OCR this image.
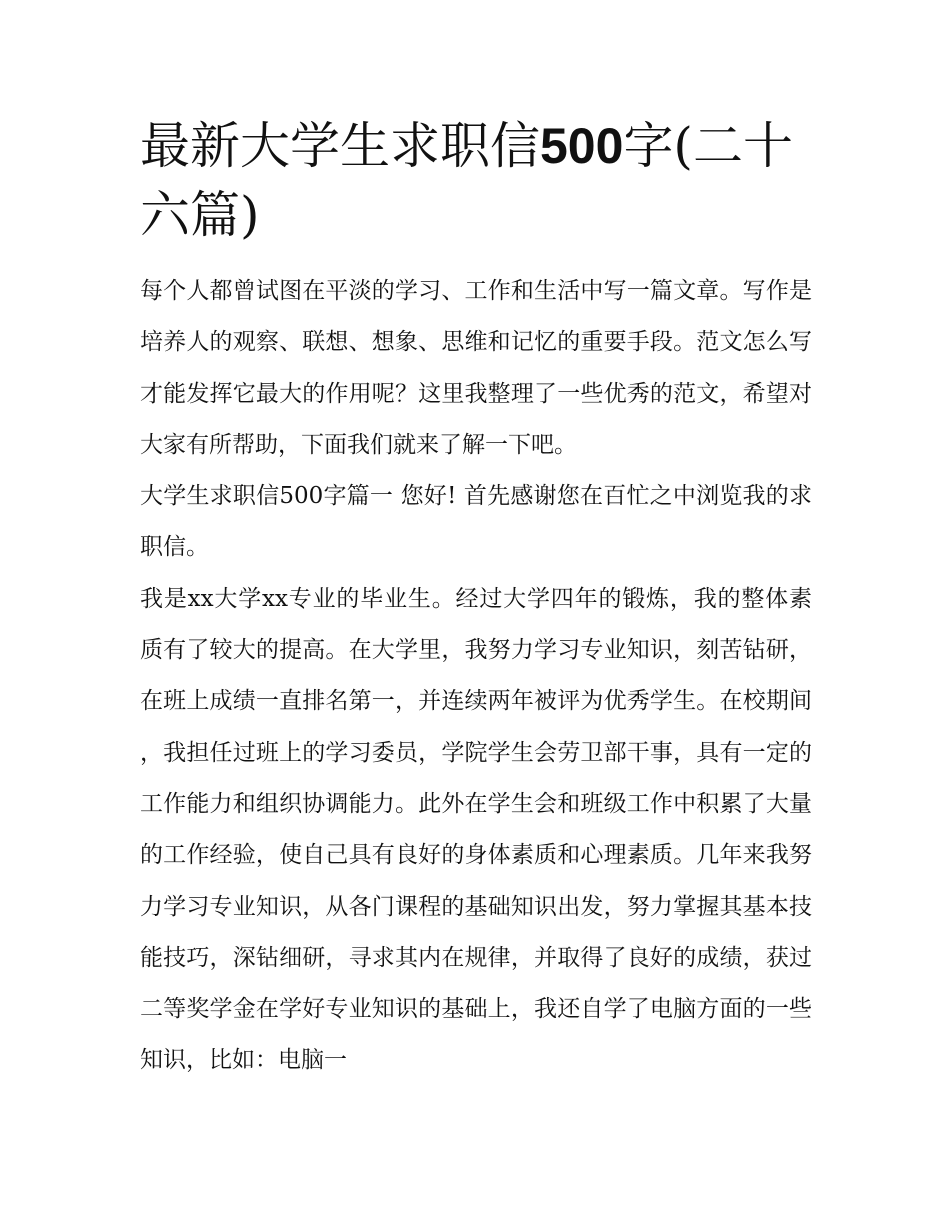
最新大学生求职信500字(二十六篇)

每个人都曾试图在平淡的学习、工作和生活中写一篇文章。写作是培养人的观察、联想、想象、思维和记忆的重要手段。范文怎么写才能发挥它最大的作用呢？这里我整理了一些优秀的范文，希望对大家有所帮助，下面我们就来了解一下吧。

大学生求职信500字篇一 您好! 首先感谢您在百忙之中浏览我的求职信。

我是xx大学xx专业的毕业生。经过大学四年的锻炼，我的整体素质有了较大的提高。在大学里，我努力学习专业知识，刻苦钻研，在班上成绩一直排名第一，并连续两年被评为优秀学生。在校期间，我担任过班上的学习委员，学院学生会劳卫部干事，具有一定的工作能力和组织协调能力。此外在学生会和班级工作中积累了大量的工作经验，使自己具有良好的身体素质和心理素质。几年来我努力学习专业知识，从各门课程的基础知识出发，努力掌握其基本技能技巧，深钻细研，寻求其内在规律，并取得了良好的成绩，获过二等奖学金在学好专业知识的基础上，我还自学了电脑方面的一些知识，比如：电脑一
